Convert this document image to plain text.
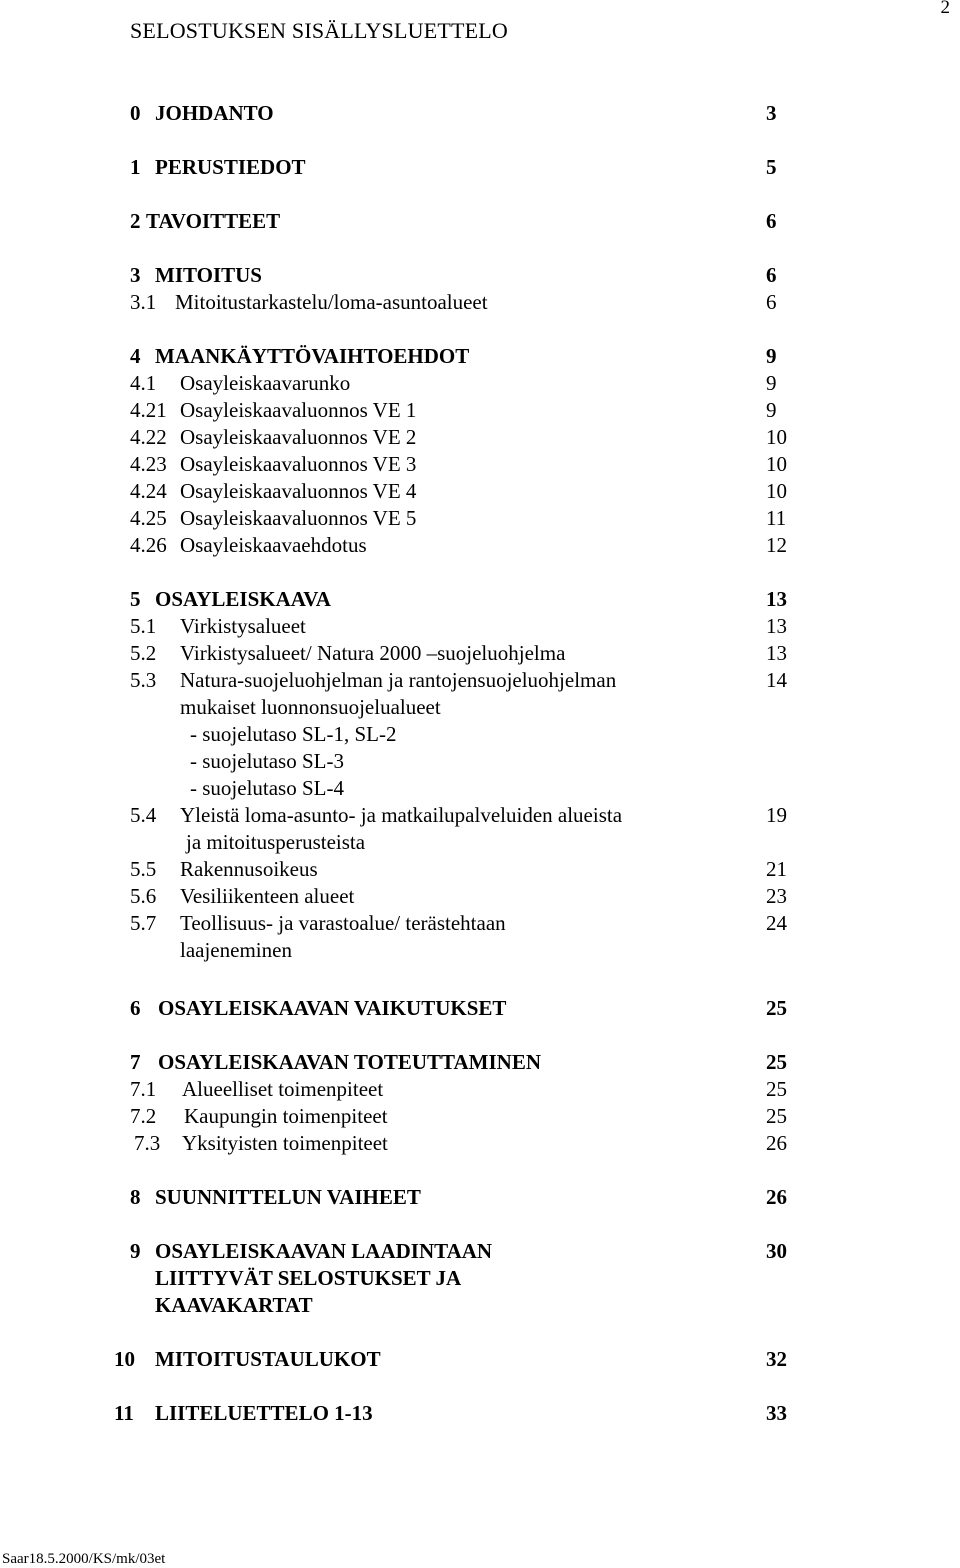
2
SELOSTUKSEN SISÄLLYSLUETTELO
0 JOHDANTO	3
1 PERUSTIEDOT	5
2 TAVOITTEET	6
3 MITOITUS	6
3.1 Mitoitustarkastelu/loma-asuntoalueet	6
4 MAANKÄYTTÖVAIHTOEHDOT	9
4.1 Osayleiskaavarunko	9
4.21 Osayleiskaavaluonnos VE 1	9
4.22 Osayleiskaavaluonnos VE 2	10
4.23 Osayleiskaavaluonnos VE 3	10
4.24 Osayleiskaavaluonnos VE 4	10
4.25 Osayleiskaavaluonnos VE 5	11
4.26 Osayleiskaavaehdotus	12
5 OSAYLEISKAAVA	13
5.1 Virkistysalueet	13
5.2 Virkistysalueet/ Natura 2000 –suojeluohjelma	13
5.3 Natura-suojeluohjelman ja rantojensuojeluohjelman	14
mukaiset luonnonsuojelualueet
- suojelutaso SL-1, SL-2
- suojelutaso SL-3
- suojelutaso SL-4
5.4 Yleistä loma-asunto- ja matkailupalveluiden alueista	19
ja mitoitusperusteista
5.5 Rakennusoikeus	21
5.6 Vesiliikenteen alueet	23
5.7 Teollisuus- ja varastoalue/ terästehtaan	24
laajeneminen
6 OSAYLEISKAAVAN VAIKUTUKSET	25
7 OSAYLEISKAAVAN TOTEUTTAMINEN	25
7.1 Alueelliset toimenpiteet	25
7.2 Kaupungin toimenpiteet	25
7.3 Yksityisten toimenpiteet	26
8 SUUNNITTELUN VAIHEET	26
9 OSAYLEISKAAVAN LAADINTAAN	30
LIITTYVÄT SELOSTUKSET JA
KAAVAKARTAT
10 MITOITUSTAULUKOT	32
11 LIITELUETTELO 1-13	33
Saar18.5.2000/KS/mk/03et
